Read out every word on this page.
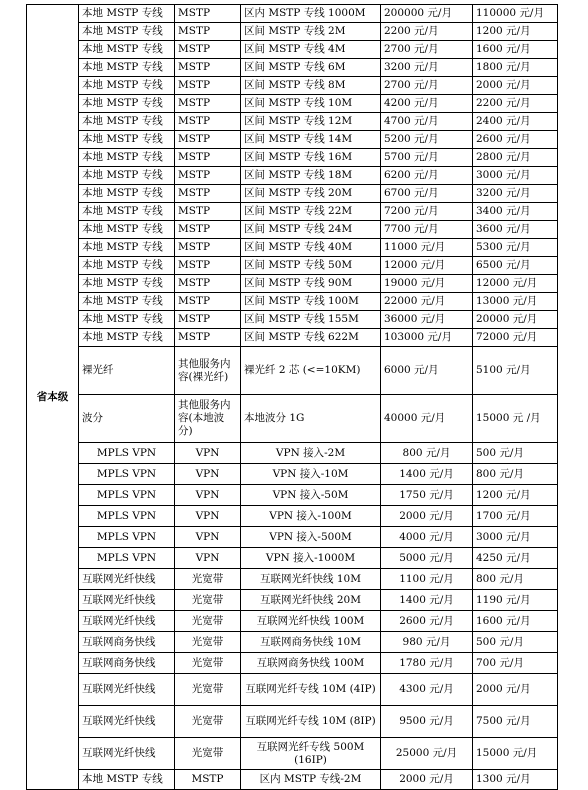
省本级	本地 MSTP 专线	MSTP	区内 MSTP 专线 1000M	200000 元/月	110000 元/月
	本地 MSTP 专线	MSTP	区间 MSTP 专线 2M	2200 元/月	1200 元/月
	本地 MSTP 专线	MSTP	区间 MSTP 专线 4M	2700 元/月	1600 元/月
	本地 MSTP 专线	MSTP	区间 MSTP 专线 6M	3200 元/月	1800 元/月
	本地 MSTP 专线	MSTP	区间 MSTP 专线 8M	2700 元/月	2000 元/月
	本地 MSTP 专线	MSTP	区间 MSTP 专线 10M	4200 元/月	2200 元/月
	本地 MSTP 专线	MSTP	区间 MSTP 专线 12M	4700 元/月	2400 元/月
	本地 MSTP 专线	MSTP	区间 MSTP 专线 14M	5200 元/月	2600 元/月
	本地 MSTP 专线	MSTP	区间 MSTP 专线 16M	5700 元/月	2800 元/月
	本地 MSTP 专线	MSTP	区间 MSTP 专线 18M	6200 元/月	3000 元/月
	本地 MSTP 专线	MSTP	区间 MSTP 专线 20M	6700 元/月	3200 元/月
	本地 MSTP 专线	MSTP	区间 MSTP 专线 22M	7200 元/月	3400 元/月
	本地 MSTP 专线	MSTP	区间 MSTP 专线 24M	7700 元/月	3600 元/月
	本地 MSTP 专线	MSTP	区间 MSTP 专线 40M	11000 元/月	5300 元/月
	本地 MSTP 专线	MSTP	区间 MSTP 专线 50M	12000 元/月	6500 元/月
	本地 MSTP 专线	MSTP	区间 MSTP 专线 90M	19000 元/月	12000 元/月
	本地 MSTP 专线	MSTP	区间 MSTP 专线 100M	22000 元/月	13000 元/月
	本地 MSTP 专线	MSTP	区间 MSTP 专线 155M	36000 元/月	20000 元/月
	本地 MSTP 专线	MSTP	区间 MSTP 专线 622M	103000 元/月	72000 元/月
	裸光纤	其他服务内容(裸光纤)	裸光纤 2 芯 (<=10KM)	6000 元/月	5100 元/月
	波分	其他服务内容(本地波分)	本地波分 1G	40000 元/月	15000 元 /月
	MPLS VPN	VPN	VPN 接入-2M	800 元/月	500 元/月
	MPLS VPN	VPN	VPN 接入-10M	1400 元/月	800 元/月
	MPLS VPN	VPN	VPN 接入-50M	1750 元/月	1200 元/月
	MPLS VPN	VPN	VPN 接入-100M	2000 元/月	1700 元/月
	MPLS VPN	VPN	VPN 接入-500M	4000 元/月	3000 元/月
	MPLS VPN	VPN	VPN 接入-1000M	5000 元/月	4250 元/月
	互联网光纤快线	光宽带	互联网光纤快线 10M	1100 元/月	800 元/月
	互联网光纤快线	光宽带	互联网光纤快线 20M	1400 元/月	1190 元/月
	互联网光纤快线	光宽带	互联网光纤快线 100M	2600 元/月	1600 元/月
	互联网商务快线	光宽带	互联网商务快线 10M	980 元/月	500 元/月
	互联网商务快线	光宽带	互联网商务快线 100M	1780 元/月	700 元/月
	互联网光纤快线	光宽带	互联网光纤专线 10M (4IP)	4300 元/月	2000 元/月
	互联网光纤快线	光宽带	互联网光纤专线 10M (8IP)	9500 元/月	7500 元/月
	互联网光纤快线	光宽带	互联网光纤专线 500M (16IP)	25000 元/月	15000 元/月
	本地 MSTP 专线	MSTP	区内 MSTP 专线-2M	2000 元/月	1300 元/月
